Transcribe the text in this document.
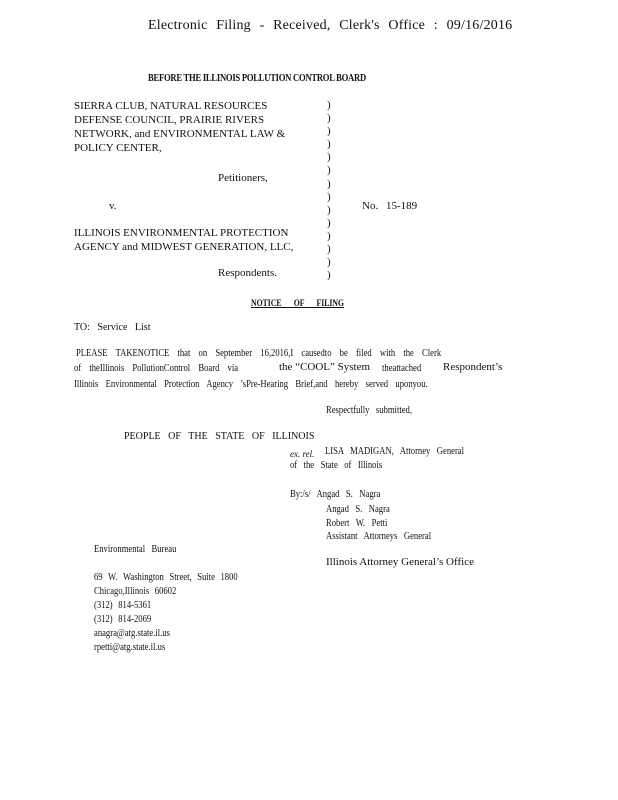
Electronic Filing - Received, Clerk's Office : 09/16/2016
BEFORE THE ILLINOIS POLLUTION CONTROL BOARD
SIERRA CLUB, NATURAL RESOURCES
DEFENSE COUNCIL, PRAIRIE RIVERS
NETWORK, and ENVIRONMENTAL LAW &
POLICY CENTER,
Petitioners,
v.	No. 15-189
ILLINOIS ENVIRONMENTAL PROTECTION
AGENCY and MIDWEST GENERATION, LLC,
Respondents.
)
)
)
)
)
)
)
)
)
)
)
)
)
)
NOTICE OF FILING
TO: Service List
PLEASE TAKENOTICE that on September 16,2016,I causedto be filed with the Clerk
of theIllinois PollutionControl Board via	the “COOL” System theattached Respondent’s
Illinois Environmental Protection Agency ’sPre-Hearing Brief,and hereby served uponyou.
Respectfully submitted,
PEOPLE OF THE STATE OF ILLINOIS
ex. rel. LISA MADIGAN, Attorney General
of the State of Illinois
By:/s/ Angad S. Nagra
Angad S. Nagra
Robert W. Petti
Assistant Attorneys General
Illinois Attorney General’s Office
Environmental Bureau
69 W. Washington Street, Suite 1800
Chicago,Illinois 60602
(312) 814-5361
(312) 814-2069
anagra@atg.state.il.us
rpetti@atg.state.il.us
